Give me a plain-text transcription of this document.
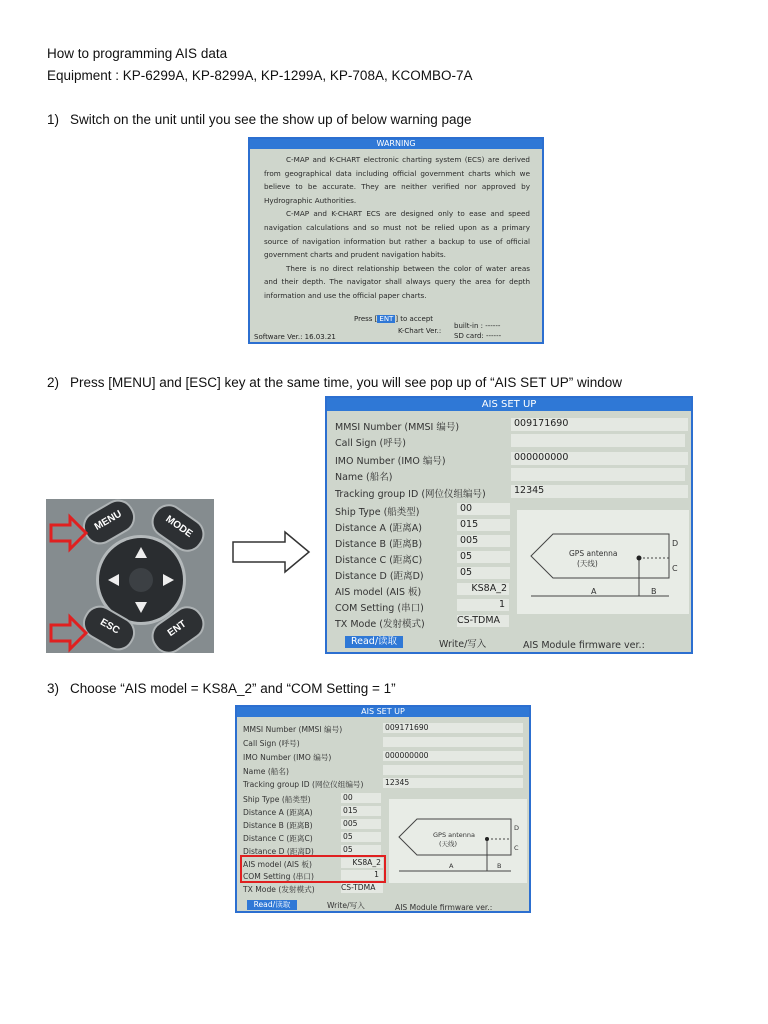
How to programming AIS data
Equipment : KP-6299A, KP-8299A, KP-1299A, KP-708A, KCOMBO-7A
1) Switch on the unit until you see the show up of below warning page
WARNING

C-MAP and K-CHART electronic charting system (ECS) are derived from geographical data including official government charts which we believe to be accurate. They are neither verified nor approved by Hydrographic Authorities.

C-MAP and K-CHART ECS are designed only to ease and speed navigation calculations and so must not be relied upon as a primary source of navigation information but rather a backup to use of official government charts and prudent navigation habits.

There is no direct relationship between the color of water areas and their depth. The navigator shall always query the area for depth information and use the official paper charts.

Press [ ENT ] to accept
K-Chart Ver.:
built-in : ------
SD card: ------
Software Ver.: 16.03.21
2) Press [MENU] and [ESC] key at the same time, you will see pop up of “AIS SET UP” window
MENU	MODE
ESC	ENT
AIS SET UP
MMSI Number (MMSI 编号)	009171690
Call Sign (呼号)
IMO Number (IMO 编号)	000000000
Name (船名)
Tracking group ID (网位仪组编号)	12345
Ship Type (船类型)	00
Distance A (距离A)	015
Distance B (距离B)	005
Distance C (距离C)	05
Distance D (距离D)	05
AIS model (AIS 板)	KS8A_2
COM Setting (串口)	1
TX Mode (发射模式)	CS-TDMA
GPS antenna
(天线)
D
C
A	B
Read/读取	Write/写入	AIS Module firmware ver.:
3) Choose “AIS model = KS8A_2” and “COM Setting = 1”
AIS SET UP
MMSI Number (MMSI 编号)	009171690
Call Sign (呼号)
IMO Number (IMO 编号)	000000000
Name (船名)
Tracking group ID (网位仪组编号)	12345
Ship Type (船类型)	00
Distance A (距离A)	015
Distance B (距离B)	005
Distance C (距离C)	05
Distance D (距离D)	05
AIS model (AIS 板)	KS8A_2
COM Setting (串口)	1
TX Mode (发射模式)	CS-TDMA
GPS antenna
(天线)
D
C
A	B
Read/读取	Write/写入	AIS Module firmware ver.:
